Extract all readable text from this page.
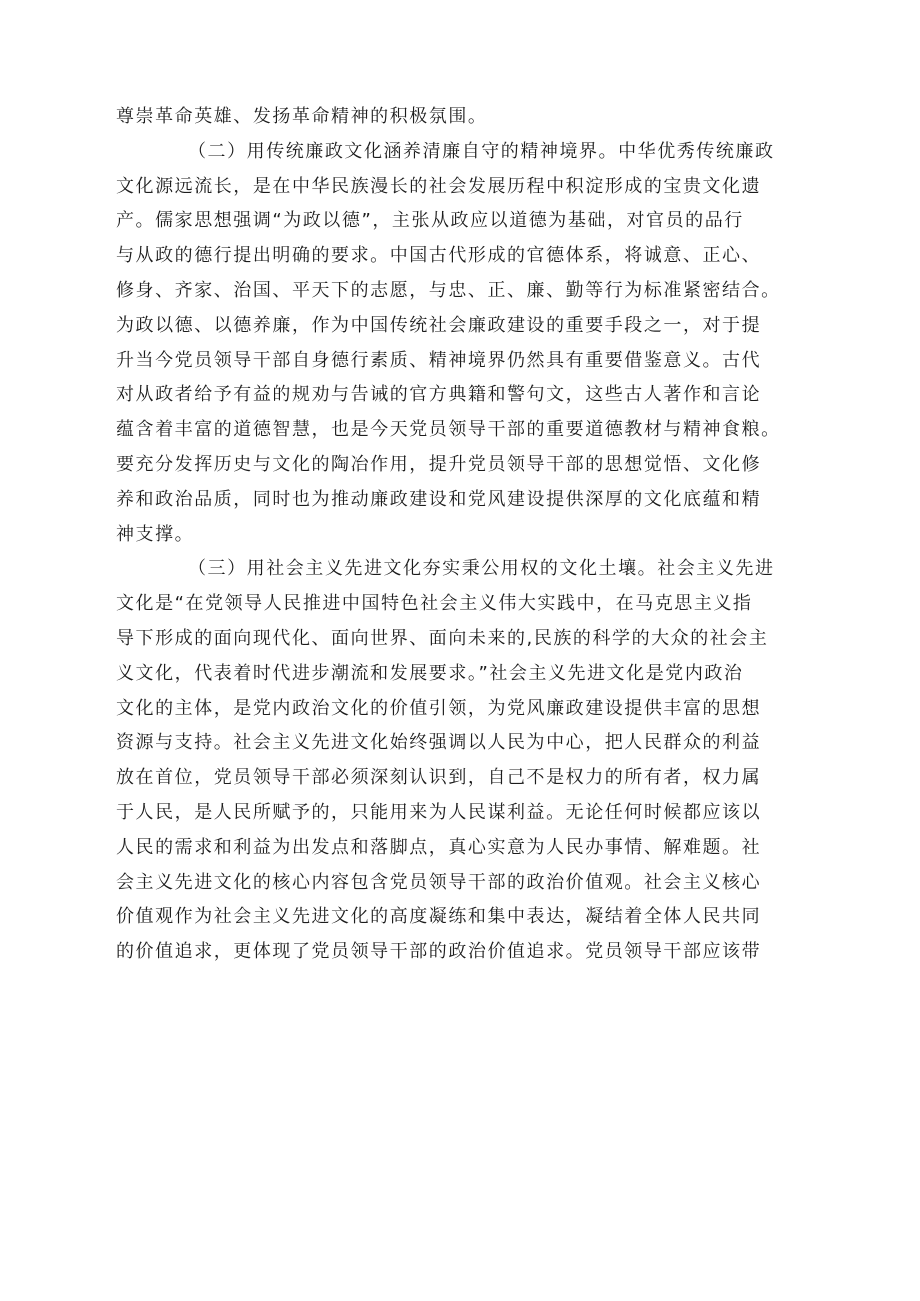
尊崇革命英雄、发扬革命精神的积极氛围。
（二）用传统廉政文化涵养清廉自守的精神境界。中华优秀传统廉政
文化源远流长，是在中华民族漫长的社会发展历程中积淀形成的宝贵文化遗
产。儒家思想强调“为政以德”，主张从政应以道德为基础，对官员的品行
与从政的德行提出明确的要求。中国古代形成的官德体系，将诚意、正心、
修身、齐家、治国、平天下的志愿，与忠、正、廉、勤等行为标准紧密结合。
为政以德、以德养廉，作为中国传统社会廉政建设的重要手段之一，对于提
升当今党员领导干部自身德行素质、精神境界仍然具有重要借鉴意义。古代
对从政者给予有益的规劝与告诫的官方典籍和警句文，这些古人著作和言论
蕴含着丰富的道德智慧，也是今天党员领导干部的重要道德教材与精神食粮。
要充分发挥历史与文化的陶冶作用，提升党员领导干部的思想觉悟、文化修
养和政治品质，同时也为推动廉政建设和党风建设提供深厚的文化底蕴和精
神支撑。
（三）用社会主义先进文化夯实秉公用权的文化土壤。社会主义先进
文化是“在党领导人民推进中国特色社会主义伟大实践中，在马克思主义指
导下形成的面向现代化、面向世界、面向未来的,民族的科学的大众的社会主
义文化，代表着时代进步潮流和发展要求。”社会主义先进文化是党内政治
文化的主体，是党内政治文化的价值引领，为党风廉政建设提供丰富的思想
资源与支持。社会主义先进文化始终强调以人民为中心，把人民群众的利益
放在首位，党员领导干部必须深刻认识到，自己不是权力的所有者，权力属
于人民，是人民所赋予的，只能用来为人民谋利益。无论任何时候都应该以
人民的需求和利益为出发点和落脚点，真心实意为人民办事情、解难题。社
会主义先进文化的核心内容包含党员领导干部的政治价值观。社会主义核心
价值观作为社会主义先进文化的高度凝练和集中表达，凝结着全体人民共同
的价值追求，更体现了党员领导干部的政治价值追求。党员领导干部应该带
